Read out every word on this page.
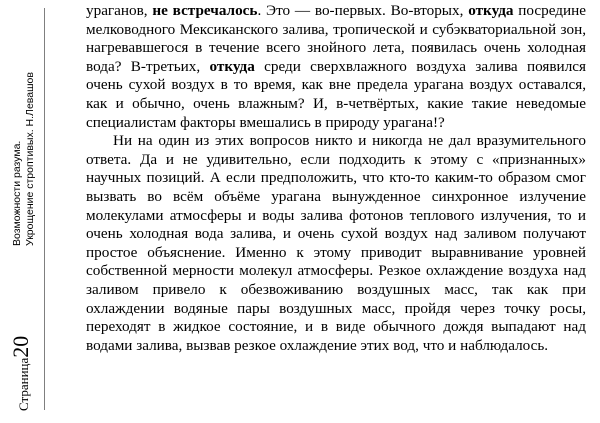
Возможности разума. Укрощение строптивых. Н.Левашов
Страница20

ураганов, не встречалось. Это — во-первых. Во-вторых, откуда посредине мелководного Мексиканского залива, тропической и субэкваториальной зон, нагревавшегося в течение всего знойного лета, появилась очень холодная вода? В-третьих, откуда среди сверхвлажного воздуха залива появился очень сухой воздух в то время, как вне предела урагана воздух оставался, как и обычно, очень влажным? И, в-четвёртых, какие такие неведомые специалистам факторы вмешались в природу урагана!?

Ни на один из этих вопросов никто и никогда не дал вразумительного ответа. Да и не удивительно, если подходить к этому с «признанных» научных позиций. А если предположить, что кто-то каким-то образом смог вызвать во всём объёме урагана вынужденное синхронное излучение молекулами атмосферы и воды залива фотонов теплового излучения, то и очень холодная вода залива, и очень сухой воздух над заливом получают простое объяснение. Именно к этому приводит выравнивание уровней собственной мерности молекул атмосферы. Резкое охлаждение воздуха над заливом привело к обезвоживанию воздушных масс, так как при охлаждении водяные пары воздушных масс, пройдя через точку росы, переходят в жидкое состояние, и в виде обычного дождя выпадают над водами залива, вызвав резкое охлаждение этих вод, что и наблюдалось.
